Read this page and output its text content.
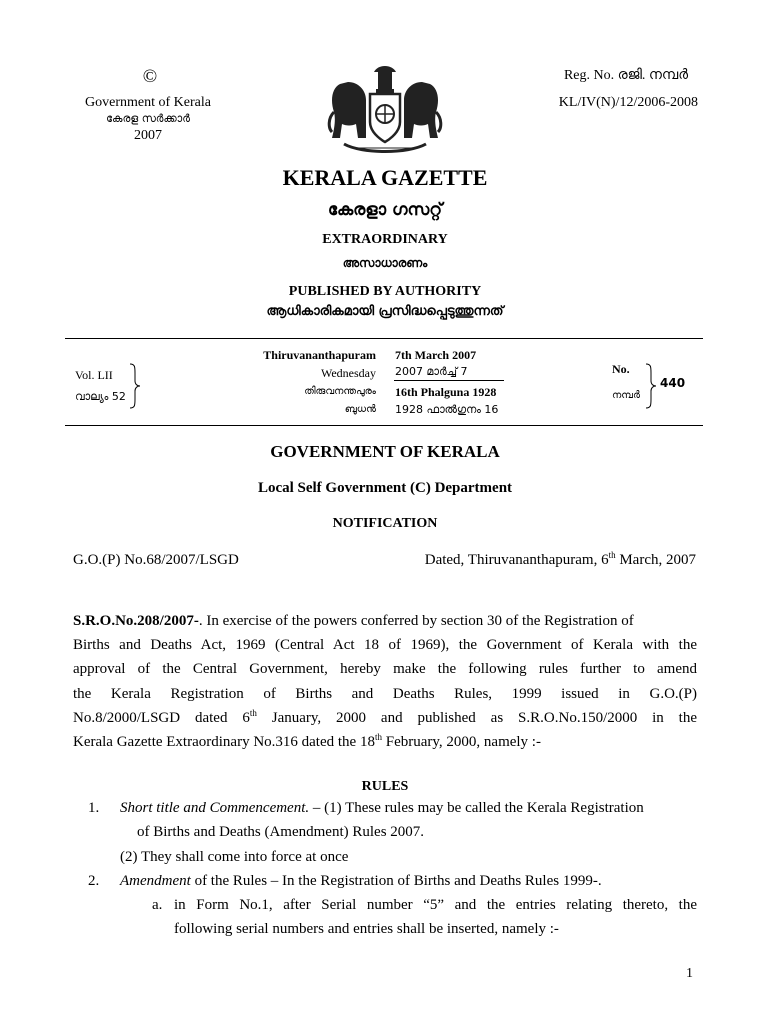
©
Government of Kerala
കേരള സർക്കാർ
2007
Reg. No. രജി. നമ്പർ
KL/IV(N)/12/2006-2008
KERALA GAZETTE
കേരളാ ഗസറ്റ്
EXTRAORDINARY
അസാധാരണം
PUBLISHED BY AUTHORITY
ആധികാരികമായി പ്രസിദ്ധപ്പെടുത്തുന്നത്
Vol. LII
വാല്യം 52
Thiruvananthapuram
Wednesday
തിരുവനന്തപുരം
ബുധൻ
7th March 2007
2007 മാർച്ച് 7
16th Phalguna 1928
1928 ഫാൽഗുനം 16
No.
നമ്പർ
440
GOVERNMENT OF KERALA
Local Self Government (C) Department
NOTIFICATION
G.O.(P) No.68/2007/LSGD	Dated, Thiruvananthapuram, 6th March, 2007
S.R.O.No.208/2007-. In exercise of the powers conferred by section 30 of the Registration of
Births and Deaths Act, 1969 (Central Act 18 of 1969), the Government of Kerala with the
approval of the Central Government, hereby make the following rules further to amend
the Kerala Registration of Births and Deaths Rules, 1999 issued in G.O.(P)
No.8/2000/LSGD dated 6th January, 2000 and published as S.R.O.No.150/2000 in the
Kerala Gazette Extraordinary No.316 dated the 18th February, 2000, namely :-
RULES
1. Short title and Commencement. – (1) These rules may be called the Kerala Registration
of Births and Deaths (Amendment) Rules 2007.
(2) They shall come into force at once
2. Amendment of the Rules – In the Registration of Births and Deaths Rules 1999-.
a. in Form No.1, after Serial number “5” and the entries relating thereto, the
following serial numbers and entries shall be inserted, namely :-
1
